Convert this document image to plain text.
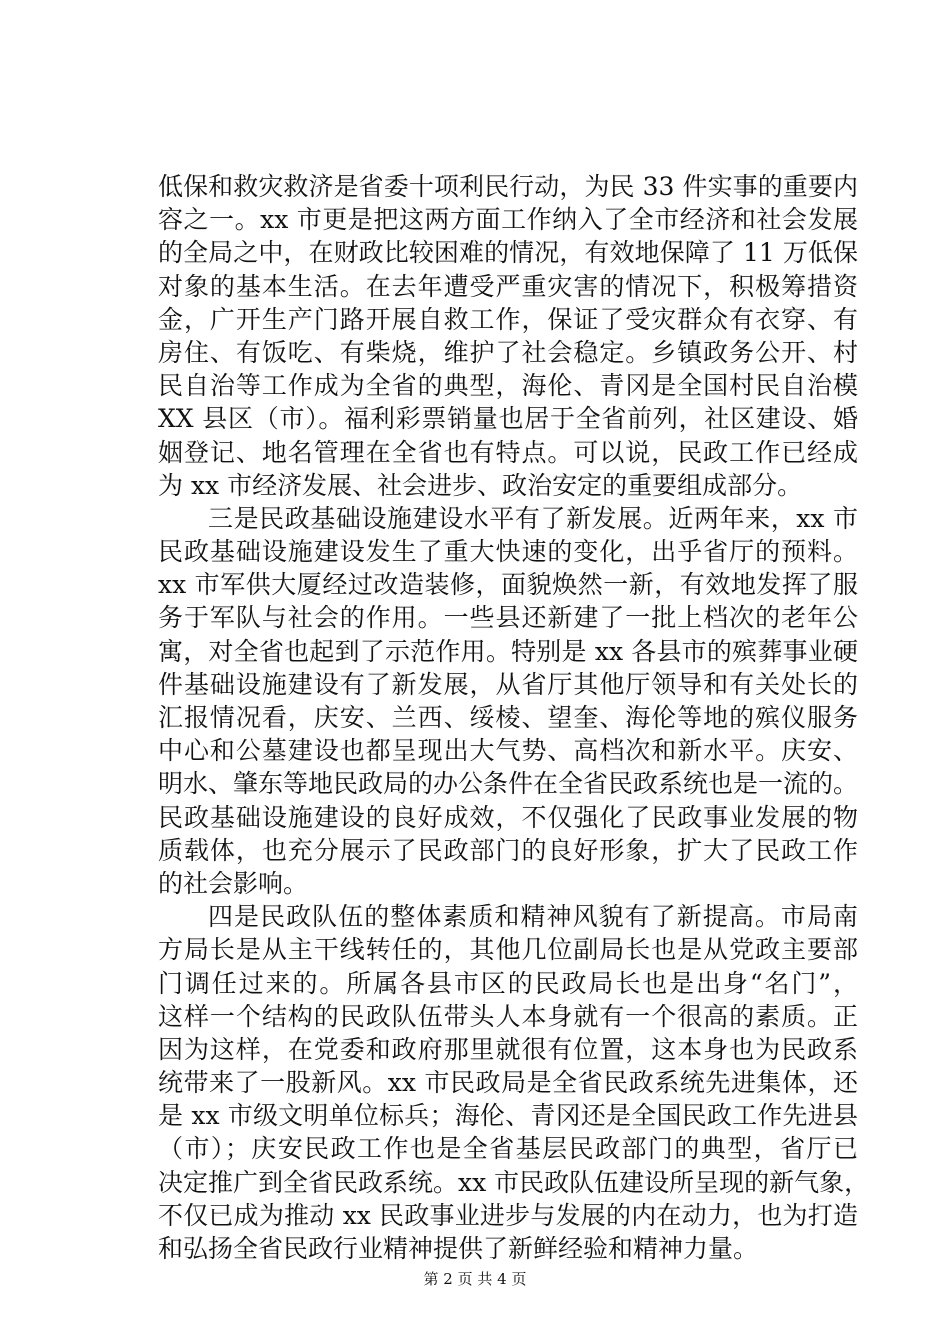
低保和救灾救济是省委十项利民行动，为民 33 件实事的重要内
容之一。xx 市更是把这两方面工作纳入了全市经济和社会发展
的全局之中，在财政比较困难的情况，有效地保障了 11 万低保
对象的基本生活。在去年遭受严重灾害的情况下，积极筹措资
金，广开生产门路开展自救工作，保证了受灾群众有衣穿、有
房住、有饭吃、有柴烧，维护了社会稳定。乡镇政务公开、村
民自治等工作成为全省的典型，海伦、青冈是全国村民自治模
XX 县区（市）。福利彩票销量也居于全省前列，社区建设、婚
姻登记、地名管理在全省也有特点。可以说，民政工作已经成
为 xx 市经济发展、社会进步、政治安定的重要组成部分。
三是民政基础设施建设水平有了新发展。近两年来，xx 市
民政基础设施建设发生了重大快速的变化，出乎省厅的预料。
xx 市军供大厦经过改造装修，面貌焕然一新，有效地发挥了服
务于军队与社会的作用。一些县还新建了一批上档次的老年公
寓，对全省也起到了示范作用。特别是 xx 各县市的殡葬事业硬
件基础设施建设有了新发展，从省厅其他厅领导和有关处长的
汇报情况看，庆安、兰西、绥棱、望奎、海伦等地的殡仪服务
中心和公墓建设也都呈现出大气势、高档次和新水平。庆安、
明水、肇东等地民政局的办公条件在全省民政系统也是一流的。
民政基础设施建设的良好成效，不仅强化了民政事业发展的物
质载体，也充分展示了民政部门的良好形象，扩大了民政工作
的社会影响。
四是民政队伍的整体素质和精神风貌有了新提高。市局南
方局长是从主干线转任的，其他几位副局长也是从党政主要部
门调任过来的。所属各县市区的民政局长也是出身“名门”，
这样一个结构的民政队伍带头人本身就有一个很高的素质。正
因为这样，在党委和政府那里就很有位置，这本身也为民政系
统带来了一股新风。xx 市民政局是全省民政系统先进集体，还
是 xx 市级文明单位标兵；海伦、青冈还是全国民政工作先进县
（市）；庆安民政工作也是全省基层民政部门的典型，省厅已
决定推广到全省民政系统。xx 市民政队伍建设所呈现的新气象，
不仅已成为推动 xx 民政事业进步与发展的内在动力，也为打造
和弘扬全省民政行业精神提供了新鲜经验和精神力量。
第 2 页 共 4 页
